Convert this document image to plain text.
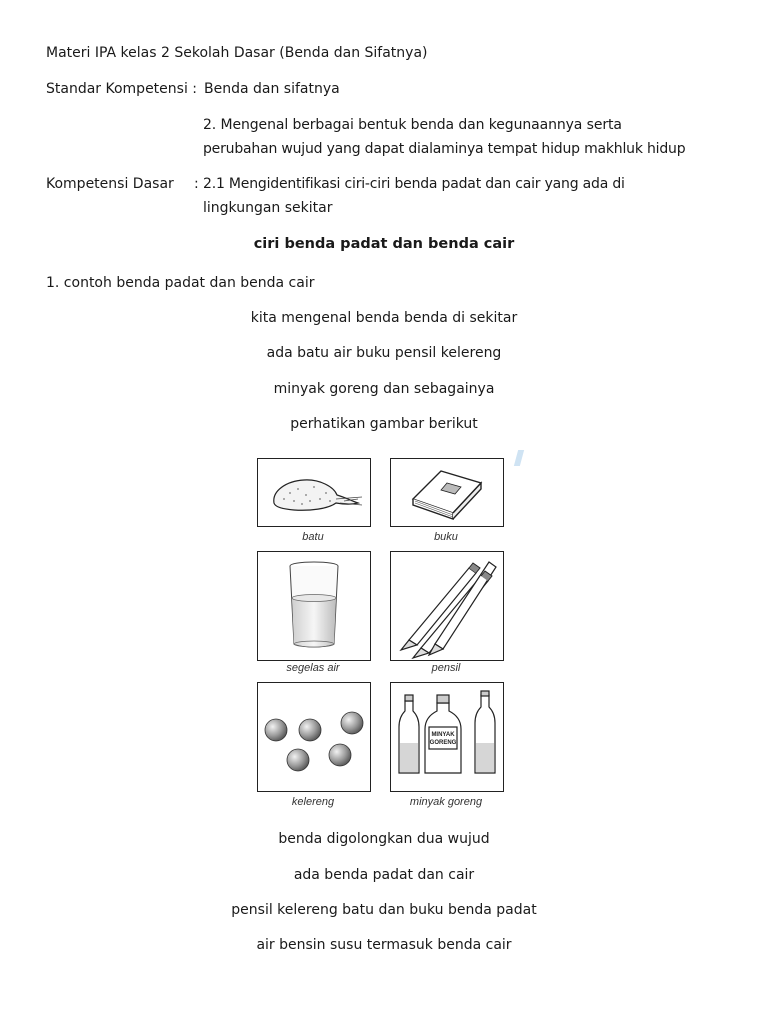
Materi IPA kelas 2 Sekolah Dasar (Benda dan Sifatnya)
Standar Kompetensi : Benda dan sifatnya
2. Mengenal berbagai bentuk benda dan kegunaannya serta
perubahan wujud yang dapat dialaminya tempat hidup makhluk hidup
Kompetensi Dasar : 2.1 Mengidentifikasi ciri-ciri benda padat dan cair yang ada di
lingkungan sekitar
ciri benda padat dan benda cair
1. contoh benda padat dan benda cair
kita mengenal benda benda di sekitar
ada batu air buku pensil kelereng
minyak goreng dan sebagainya
perhatikan gambar berikut
batu	buku
segelas air	pensil
kelereng
MINYAK
GORENG
minyak goreng
benda digolongkan dua wujud
ada benda padat dan cair
pensil kelereng batu dan buku benda padat
air bensin susu termasuk benda cair
